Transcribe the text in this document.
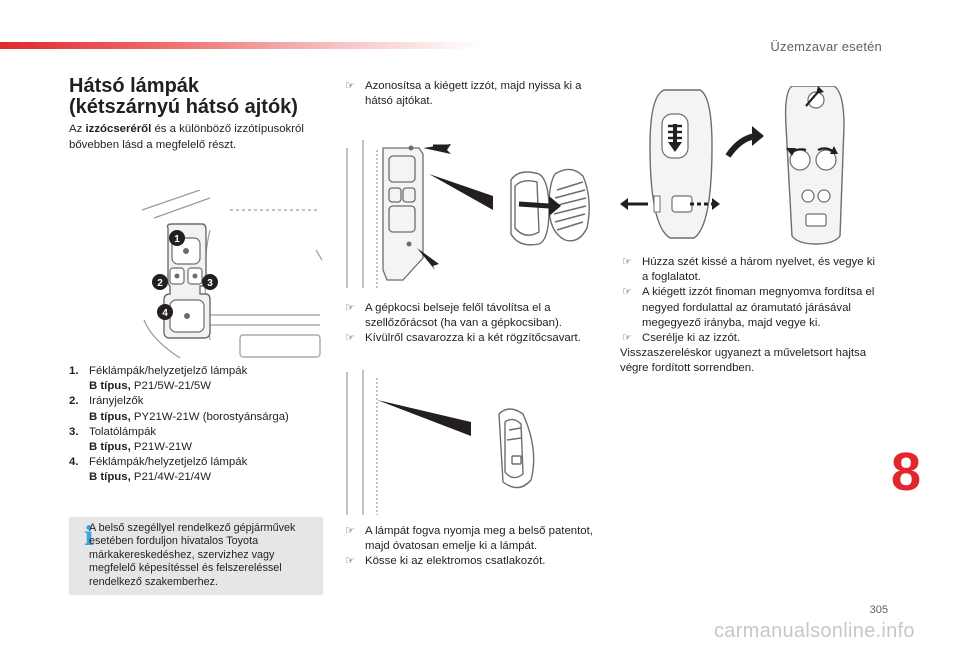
Üzemzavar esetén
Hátsó lámpák
(kétszárnyú hátsó ajtók)
Az izzócseréről és a különböző izzótípusokról bővebben lásd a megfelelő részt.
1
2	3
4
1. Féklámpák/helyzetjelző lámpák
B típus, P21/5W-21/5W
2. Irányjelzők
B típus, PY21W-21W (borostyánsárga)
3. Tolatólámpák
B típus, P21W-21W
4. Féklámpák/helyzetjelző lámpák
B típus, P21/4W-21/4W
i
A belső szegéllyel rendelkező gépjárművek esetében forduljon hivatalos Toyota márkakereskedéshez, szervizhez vagy megfelelő képesítéssel és felszereléssel rendelkező szakemberhez.
☞ Azonosítsa a kiégett izzót, majd nyissa ki a hátsó ajtókat.
☞ A gépkocsi belseje felől távolítsa el a szellőzőrácsot (ha van a gépkocsiban).
☞ Kívülről csavarozza ki a két rögzítőcsavart.
☞ A lámpát fogva nyomja meg a belső patentot, majd óvatosan emelje ki a lámpát.
☞ Kösse ki az elektromos csatlakozót.
☞ Húzza szét kissé a három nyelvet, és vegye ki a foglalatot.
☞ A kiégett izzót finoman megnyomva fordítsa el negyed fordulattal az óramutató járásával megegyező irányba, majd vegye ki.
☞ Cserélje ki az izzót.
Visszaszereléskor ugyanezt a műveletsort hajtsa végre fordított sorrendben.
8
305
carmanualsonline.info
